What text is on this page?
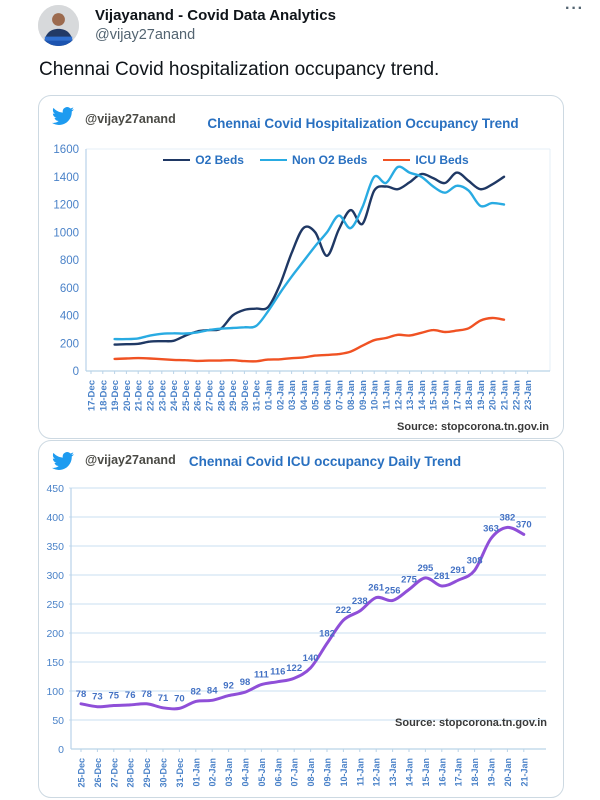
Vijayanand - Covid Data Analytics
@vijay27anand
···
Chennai Covid hospitalization occupancy trend.
0
200
400
600
800
1000
1200
1400
1600
17-Dec 18-Dec 19-Dec 20-Dec 21-Dec 22-Dec 23-Dec 24-Dec 25-Dec 26-Dec 27-Dec 28-Dec 29-Dec 30-Dec 31-Dec 01-Jan 02-Jan 03-Jan 04-Jan 05-Jan 06-Jan 07-Jan 08-Jan 09-Jan 10-Jan 11-Jan 12-Jan 13-Jan 14-Jan 15-Jan 16-Jan 17-Jan 18-Jan 19-Jan 20-Jan 21-Jan 22-Jan 23-Jan
@vijay27anand	Chennai Covid Hospitalization Occupancy Trend
O2 Beds	Non O2 Beds	ICU Beds
Source: stopcorona.tn.gov.in
0
50
100
150
200
250
300
350
400
450
25-Dec 26-Dec 27-Dec 28-Dec 29-Dec 30-Dec 31-Dec 01-Jan 02-Jan 03-Jan 04-Jan 05-Jan 06-Jan 07-Jan 08-Jan 09-Jan 10-Jan 11-Jan 12-Jan 13-Jan 14-Jan 15-Jan 16-Jan 17-Jan 18-Jan 19-Jan 20-Jan 21-Jan
78 73 75 76 78 71 70
82 84 92 98
111 116 122
140
182
222
238
261 256
275
295
281
291
308
363
382
370
@vijay27anand Chennai Covid ICU occupancy Daily Trend
Source: stopcorona.tn.gov.in
